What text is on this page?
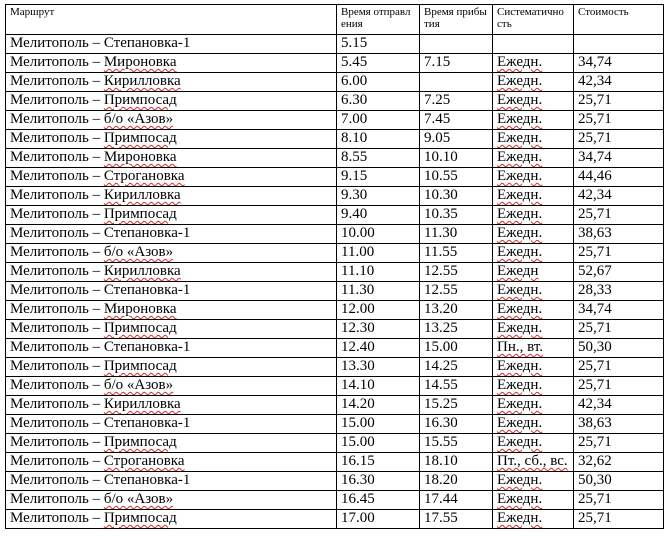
Маршрут	Время отправления	Время прибытия	Систематичность	Стоимость
Мелитополь – Степановка-1	5.15			
Мелитополь – Мироновка	5.45	7.15	Ежедн.	34,74
Мелитополь – Кирилловка	6.00		Ежедн.	42,34
Мелитополь – Примпосад	6.30	7.25	Ежедн.	25,71
Мелитополь – б/о «Азов»	7.00	7.45	Ежедн.	25,71
Мелитополь – Примпосад	8.10	9.05	Ежедн.	25,71
Мелитополь – Мироновка	8.55	10.10	Ежедн.	34,74
Мелитополь – Строгановка	9.15	10.55	Ежедн.	44,46
Мелитополь – Кирилловка	9.30	10.30	Ежедн.	42,34
Мелитополь – Примпосад	9.40	10.35	Ежедн.	25,71
Мелитополь – Степановка-1	10.00	11.30	Ежедн.	38,63
Мелитополь – б/о «Азов»	11.00	11.55	Ежедн.	25,71
Мелитополь – Кирилловка	11.10	12.55	Ежедн	52,67
Мелитополь – Степановка-1	11.30	12.55	Ежедн.	28,33
Мелитополь – Мироновка	12.00	13.20	Ежедн.	34,74
Мелитополь – Примпосад	12.30	13.25	Ежедн.	25,71
Мелитополь – Степановка-1	12.40	15.00	Пн., вт.	50,30
Мелитополь – Примпосад	13.30	14.25	Ежедн.	25,71
Мелитополь – б/о «Азов»	14.10	14.55	Ежедн.	25,71
Мелитополь – Кирилловка	14.20	15.25	Ежедн.	42,34
Мелитополь – Степановка-1	15.00	16.30	Ежедн.	38,63
Мелитополь – Примпосад	15.00	15.55	Ежедн.	25,71
Мелитополь – Строгановка	16.15	18.10	Пт., сб., вс.	32,62
Мелитополь – Степановка-1	16.30	18.20	Ежедн.	50,30
Мелитополь – б/о «Азов»	16.45	17.44	Ежедн.	25,71
Мелитополь – Примпосад	17.00	17.55	Ежедн.	25,71
